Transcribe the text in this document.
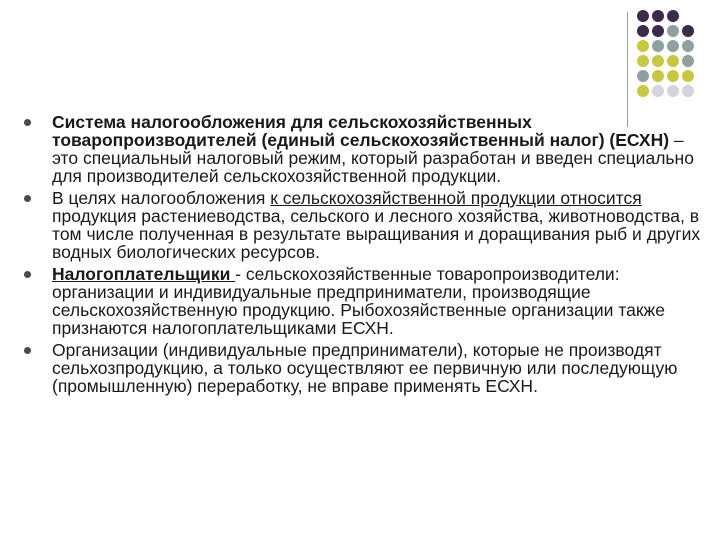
Система налогообложения для сельскохозяйственных товаропроизводителей (единый сельскохозяйственный налог) (ЕСХН) – это специальный налоговый режим, который разработан и введен специально для производителей сельскохозяйственной продукции.
В целях налогообложения к сельскохозяйственной продукции относится продукция растениеводства, сельского и лесного хозяйства, животноводства, в том числе полученная в результате выращивания и доращивания рыб и других водных биологических ресурсов.
Налогоплательщики - сельскохозяйственные товаропроизводители: организации и индивидуальные предприниматели, производящие сельскохозяйственную продукцию. Рыбохозяйственные организации также признаются налогоплательщиками ЕСХН.
Организации (индивидуальные предприниматели), которые не производят сельхозпродукцию, а только осуществляют ее первичную или последующую (промышленную) переработку, не вправе применять ЕСХН.
